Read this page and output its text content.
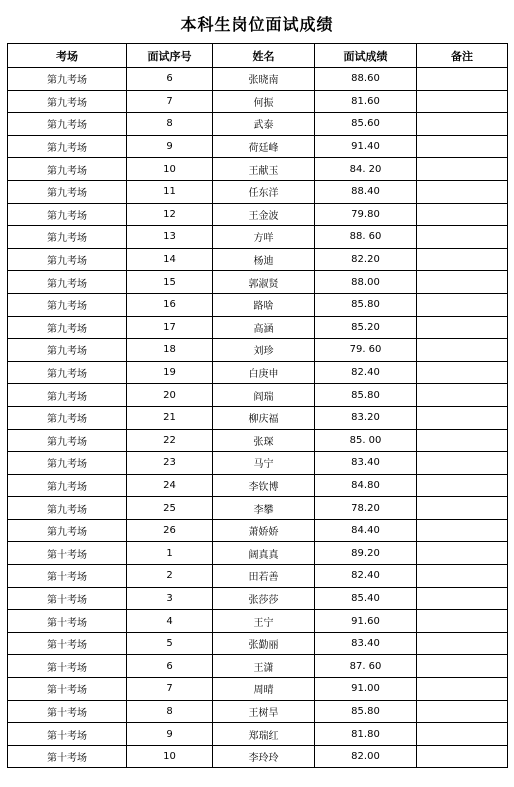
本科生岗位面试成绩
考场	面试序号	姓名	面试成绩	备注
第九考场	6	张晓南	88.60	
第九考场	7	何振	81.60	
第九考场	8	武泰	85.60	
第九考场	9	荷廷峰	91.40	
第九考场	10	王献玉	84. 20	
第九考场	11	任东洋	88.40	
第九考场	12	王金波	79.80	
第九考场	13	方咩	88. 60	
第九考场	14	杨迪	82.20	
第九考场	15	郭淑贤	88.00	
第九考场	16	路啥	85.80	
第九考场	17	高涵	85.20	
第九考场	18	刘珍	79. 60	
第九考场	19	白庚申	82.40	
第九考场	20	阎瑞	85.80	
第九考场	21	柳庆福	83.20	
第九考场	22	张琛	85. 00	
第九考场	23	马宁	83.40	
第九考场	24	李钦博	84.80	
第九考场	25	李攀	78.20	
第九考场	26	萧娇娇	84.40	
第十考场	1	阔真真	89.20	
第十考场	2	田若善	82.40	
第十考场	3	张莎莎	85.40	
第十考场	4	王宁	91.60	
第十考场	5	张勤丽	83.40	
第十考场	6	王潇	87. 60	
第十考场	7	周晴	91.00	
第十考场	8	王树旱	85.80	
第十考场	9	郑瑞红	81.80	
第十考场	10	李玲玲	82.00	
